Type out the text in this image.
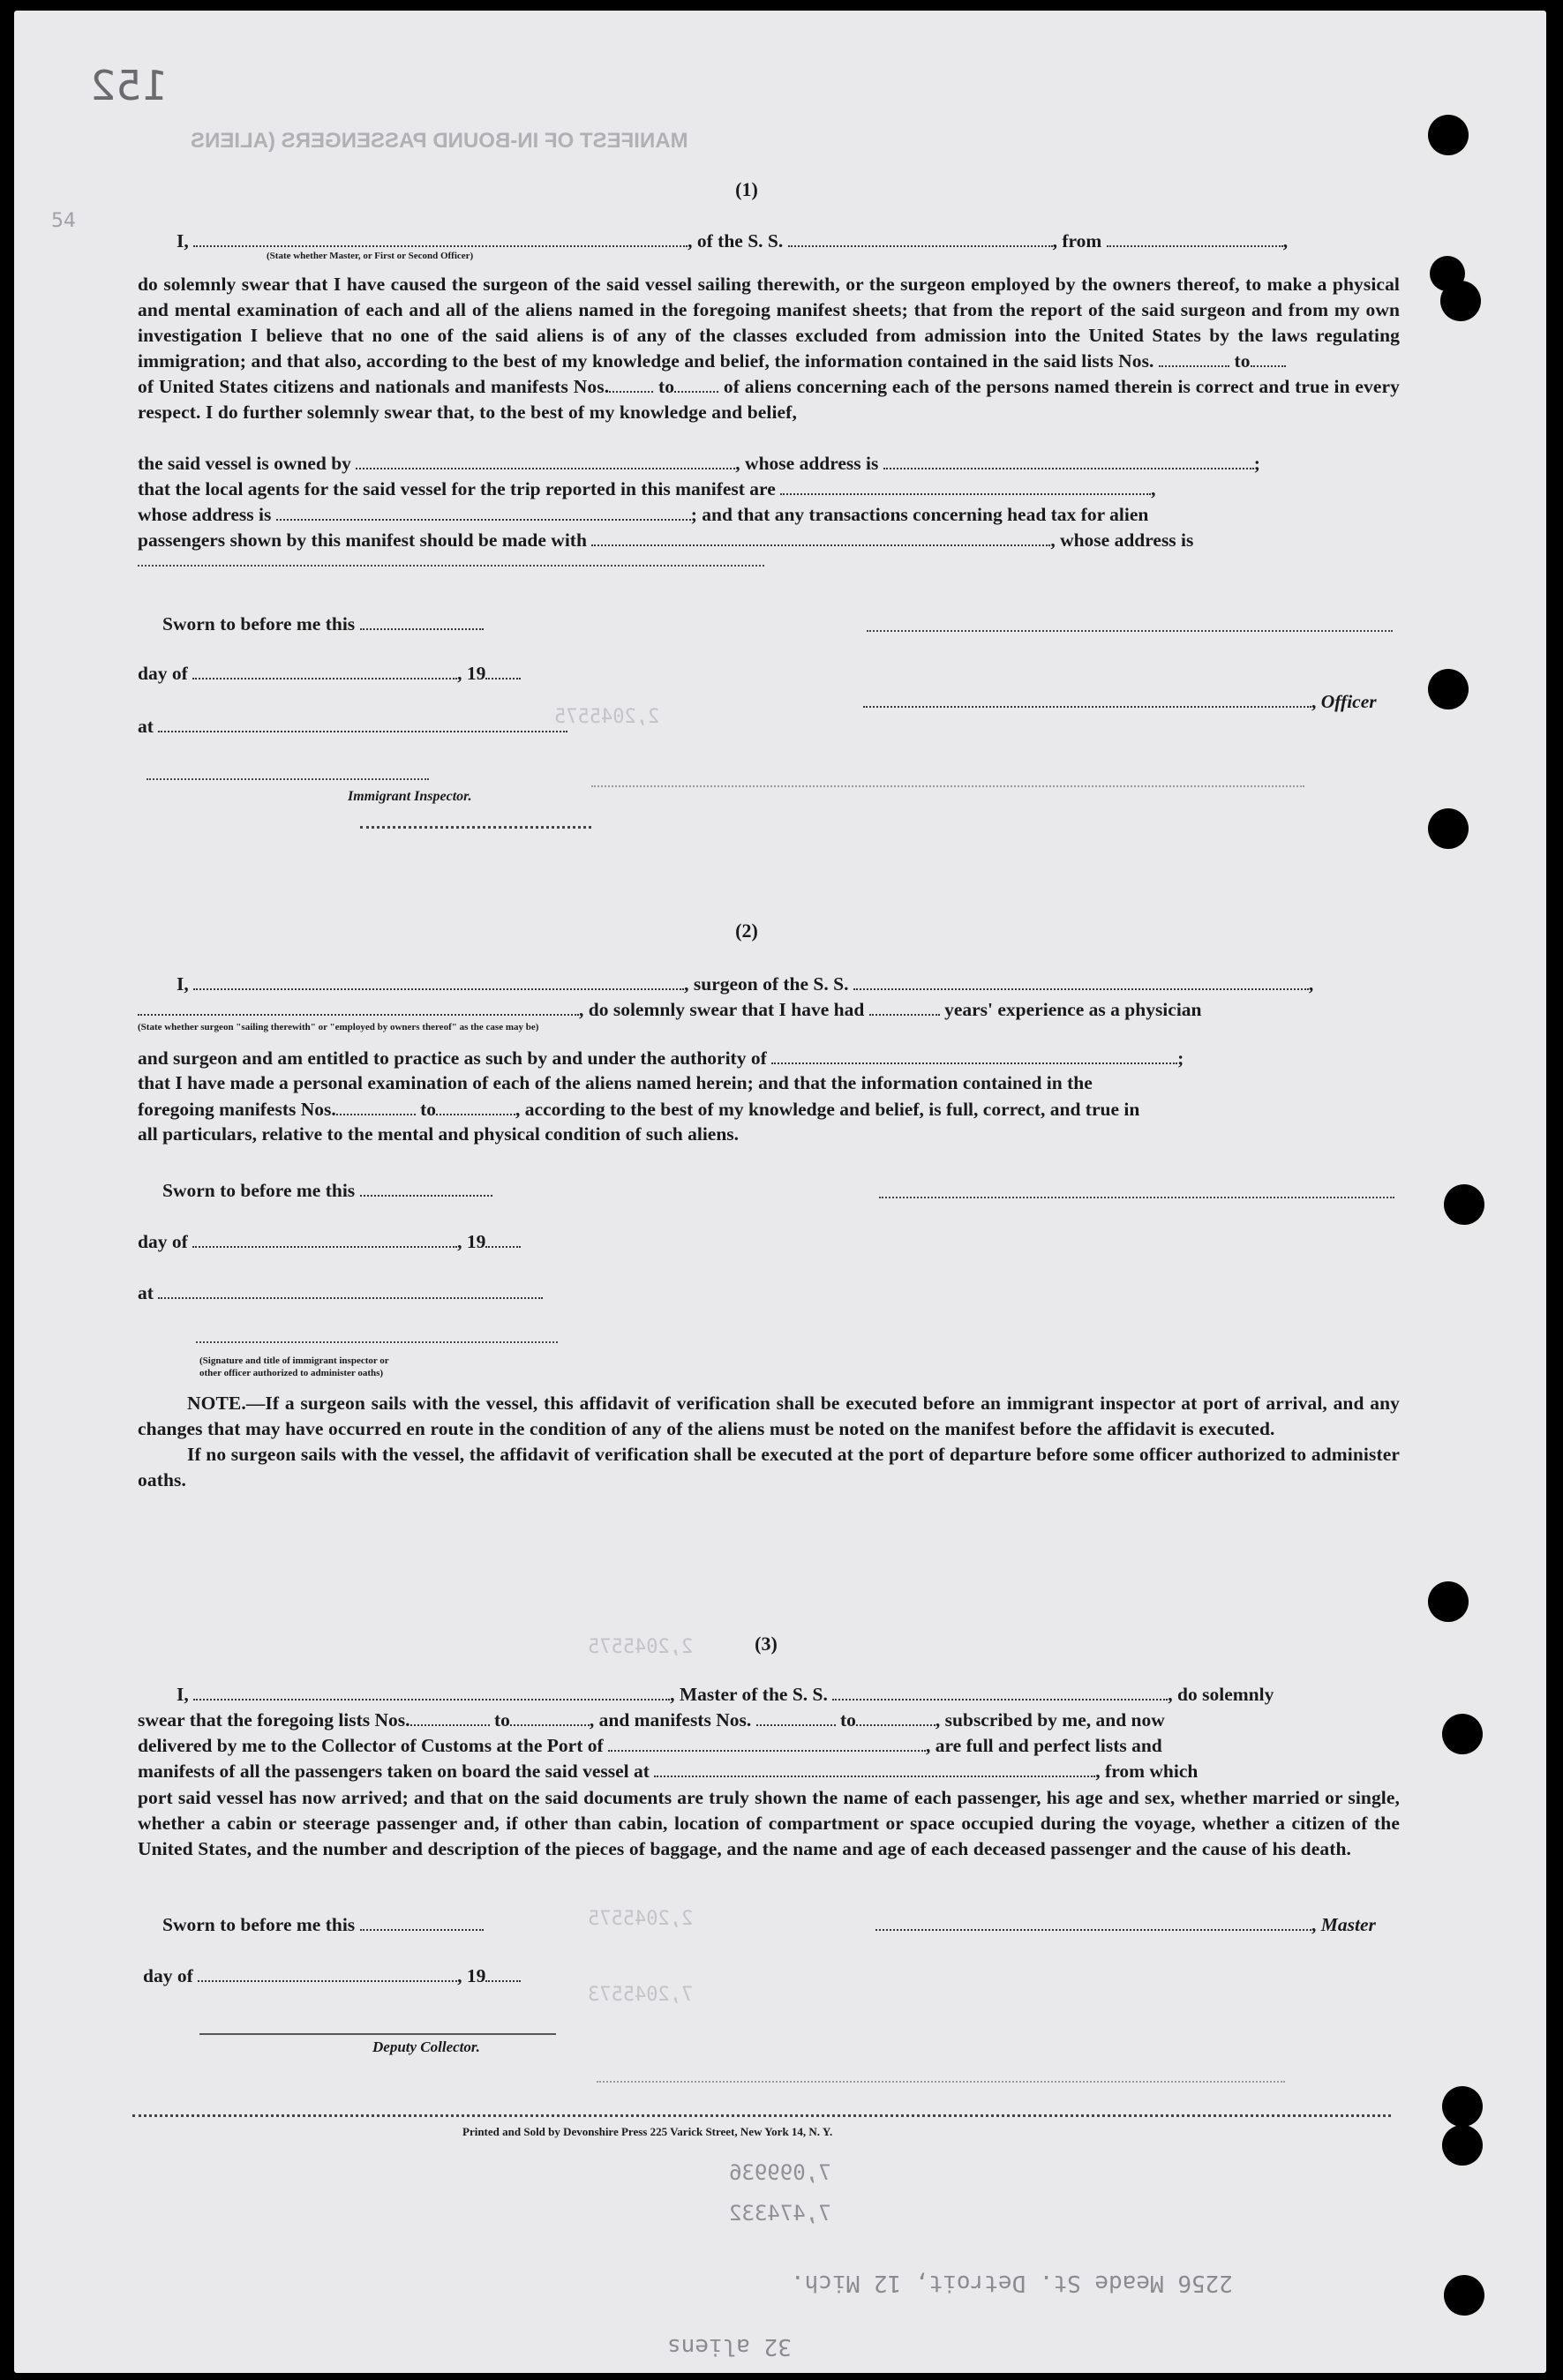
152
54
MANIFEST OF IN-BOUND PASSENGERS (ALIENS
(1)
I,	, of the S. S.	, from	,
(State whether Master, or First or Second Officer)

do solemnly swear that I have caused the surgeon of the said vessel sailing therewith, or the surgeon employed by the owners thereof, to make a physical and mental examination of each and all of the aliens named in the foregoing manifest sheets; that from the report of the said surgeon and from my own investigation I believe that no one of the said aliens is of any of the classes excluded from admission into the United States by the laws regulating immigration; and that also, according to the best of my knowledge and belief, the information contained in the said lists Nos.	to

of United States citizens and nationals and manifests Nos.	to	of aliens concerning each of the persons named therein is correct and true in every respect. I do further solemnly swear that, to the best of my knowledge and belief,

the said vessel is owned by	, whose address is	;
that the local agents for the said vessel for the trip reported in this manifest are	,
whose address is	; and that any transactions concerning head tax for alien
passengers shown by this manifest should be made with	, whose address is
Sworn to before me this
day of	, 19
, Officer
at
Immigrant Inspector.
2,2045575
2,2045575
2,2045575
7,2045573
7,099936
7,474332
2256 Meade St. Detroit, 12 Mich.
32 aliens
(2)
I,	, surgeon of the S. S.	,
, do solemnly swear that I have had	years' experience as a physician
(State whether surgeon "sailing therewith" or "employed by owners thereof" as the case may be)
and surgeon and am entitled to practice as such by and under the authority of	;
that I have made a personal examination of each of the aliens named herein; and that the information contained in the
foregoing manifests Nos.	to	, according to the best of my knowledge and belief, is full, correct, and true in
all particulars, relative to the mental and physical condition of such aliens.
Sworn to before me this
day of	, 19
at
(Signature and title of immigrant inspector or
other officer authorized to administer oaths)

NOTE.—If a surgeon sails with the vessel, this affidavit of verification shall be executed before an immigrant inspector at port of arrival, and any changes that may have occurred en route in the condition of any of the aliens must be noted on the manifest before the affidavit is executed.

If no surgeon sails with the vessel, the affidavit of verification shall be executed at the port of departure before some officer authorized to administer oaths.

(3)
I,	, Master of the S. S.	, do solemnly
swear that the foregoing lists Nos.	to	, and manifests Nos.	to	, subscribed by me, and now
delivered by me to the Collector of Customs at the Port of	, are full and perfect lists and
manifests of all the passengers taken on board the said vessel at	, from which
port said vessel has now arrived; and that on the said documents are truly shown the name of each passenger, his age and sex, whether married or single, whether a cabin or steerage passenger and, if other than cabin, location of compartment or space occupied during the voyage, whether a citizen of the United States, and the number and description of the pieces of baggage, and the name and age of each deceased passenger and the cause of his death.
Sworn to before me this	, Master
day of	, 19
Deputy Collector.
Printed and Sold by Devonshire Press 225 Varick Street, New York 14, N. Y.
